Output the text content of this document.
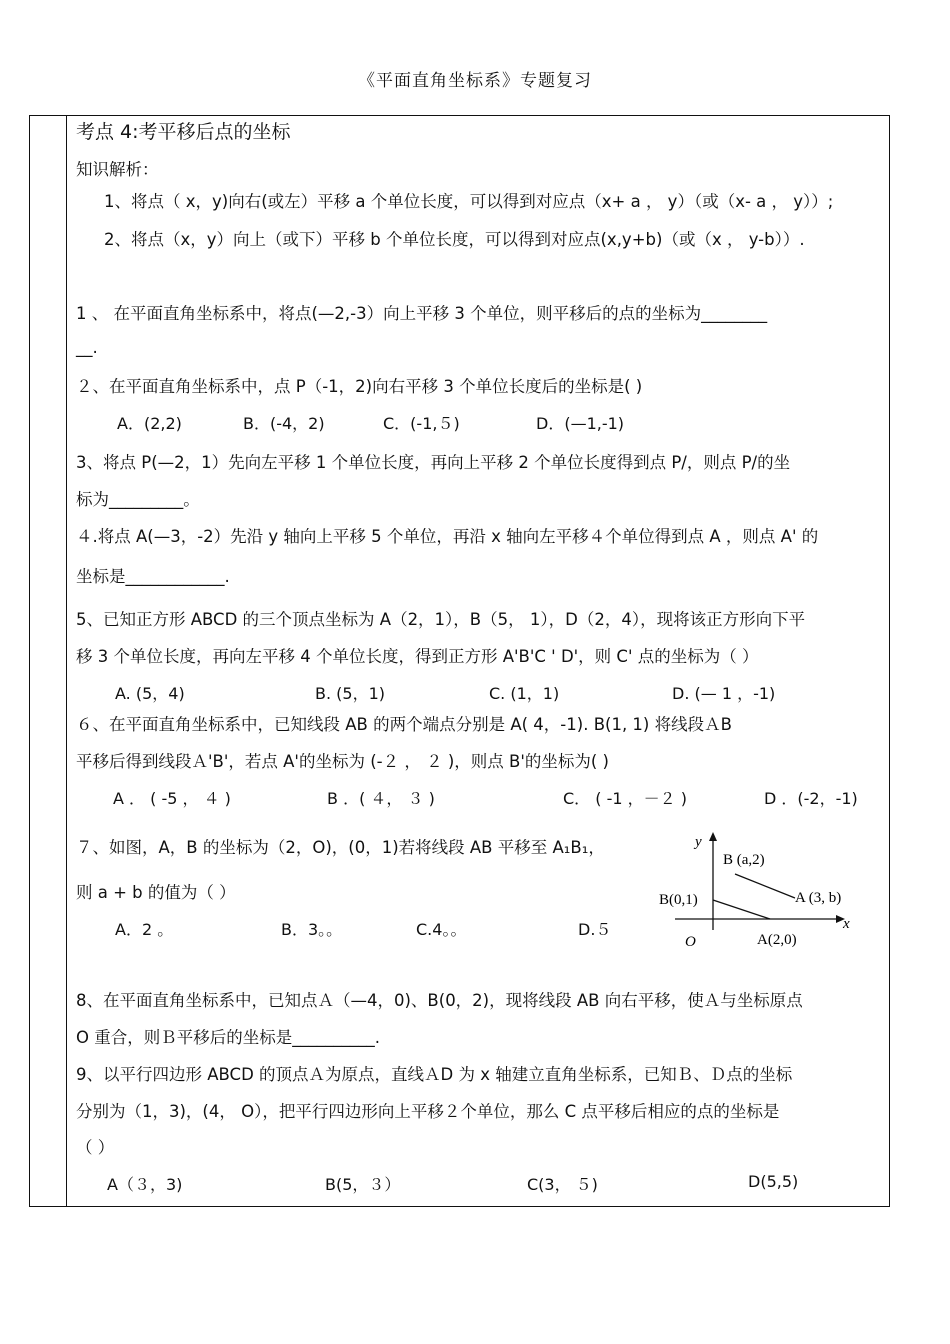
《平面直角坐标系》专题复习
考点 4:考平移后点的坐标
知识解析：
1、将点（ x，y)向右(或左）平移 a 个单位长度，可以得到对应点（x+ a ， y）（或（x- a ， y））;
2、将点（x，y）向上（或下）平移 b 个单位长度，可以得到对应点(x,y+b)（或（x ， y-b））.
1 、 在平面直角坐标系中，将点(—2,-3）向上平移 3 个单位，则平移后的点的坐标为________
__.
２、在平面直角坐标系中，点 P（-1，2)向右平移 3 个单位长度后的坐标是( )
A．(2,2)	B．(-4，2)	C．(-1,５)	D．(—1,-1)
3、将点 P(—2，1）先向左平移 1 个单位长度，再向上平移 2 个单位长度得到点 P/，则点 P/的坐
标为_________。
４.将点 A(—3，-2）先沿 y 轴向上平移 5 个单位，再沿 x 轴向左平移４个单位得到点 A ，则点 A' 的
坐标是____________.
5、已知正方形 ABCD 的三个顶点坐标为 A（2，1），B（5， 1），D（2，4），现将该正方形向下平
移 3 个单位长度，再向左平移 4 个单位长度，得到正方形 A'B'C ' D'，则 C' 点的坐标为（ ）
A. (5，4)	B. (5，1)	C. (1，1)	D. (— 1 ，-1)
６、在平面直角坐标系中，已知线段 AB 的两个端点分别是 A( 4，-1). B(1, 1) 将线段ＡB
平移后得到线段Ａ'B'，若点 A'的坐标为 (-２ ， ２ )，则点 B'的坐标为( )
A ． ( -5 ， ４ )	B ．( ４， ３ )	C． ( -1 ，－２ )	D ．(-2，-1)
７、如图，A，B 的坐标为（2，O)，(0，1)若将线段 AB 平移至 A₁B₁，
则 a + b 的值为（ ）
A．2 。	B．3。。	C.4。。	D.５
y
x
O
B(0,1)
A(2,0)
B (a,2)
A (3, b)
8、在平面直角坐标系中，已知点Ａ（—4，0)、B(0，2)，现将线段 AB 向右平移，使Ａ与坐标原点
O 重合，则Ｂ平移后的坐标是__________.
9、以平行四边形 ABCD 的顶点Ａ为原点，直线ＡD 为 x 轴建立直角坐标系，已知Ｂ、Ｄ点的坐标
分别为（1，3)，(4， O），把平行四边形向上平移２个单位，那么 C 点平移后相应的点的坐标是
（ ）
A（３，3)	B(5，３）	C(3， ５)	D(5,5)
